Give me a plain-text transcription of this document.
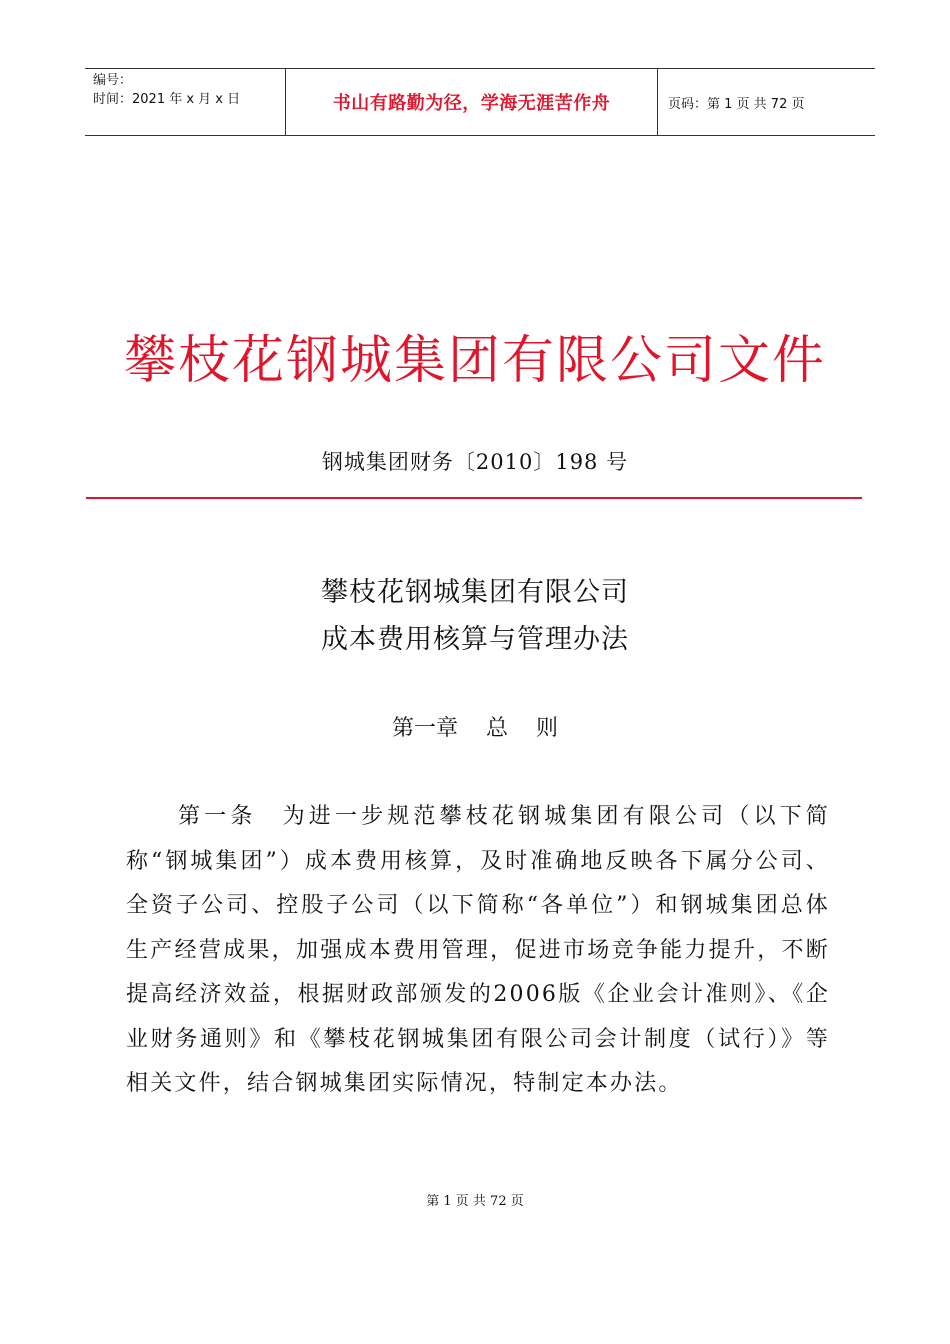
编号：
时间：2021 年 x 月 x 日	书山有路勤为径，学海无涯苦作舟	页码：第 1 页 共 72 页
攀枝花钢城集团有限公司文件
钢城集团财务〔2010〕198 号
攀枝花钢城集团有限公司
成本费用核算与管理办法
第一章    总    则
第一条　为进一步规范攀枝花钢城集团有限公司（以下简称“钢城集团”）成本费用核算，及时准确地反映各下属分公司、全资子公司、控股子公司（以下简称“各单位”）和钢城集团总体生产经营成果，加强成本费用管理，促进市场竞争能力提升，不断提高经济效益，根据财政部颁发的2006版《企业会计准则》、《企业财务通则》和《攀枝花钢城集团有限公司会计制度（试行）》等相关文件，结合钢城集团实际情况，特制定本办法。
第 1 页 共 72 页
